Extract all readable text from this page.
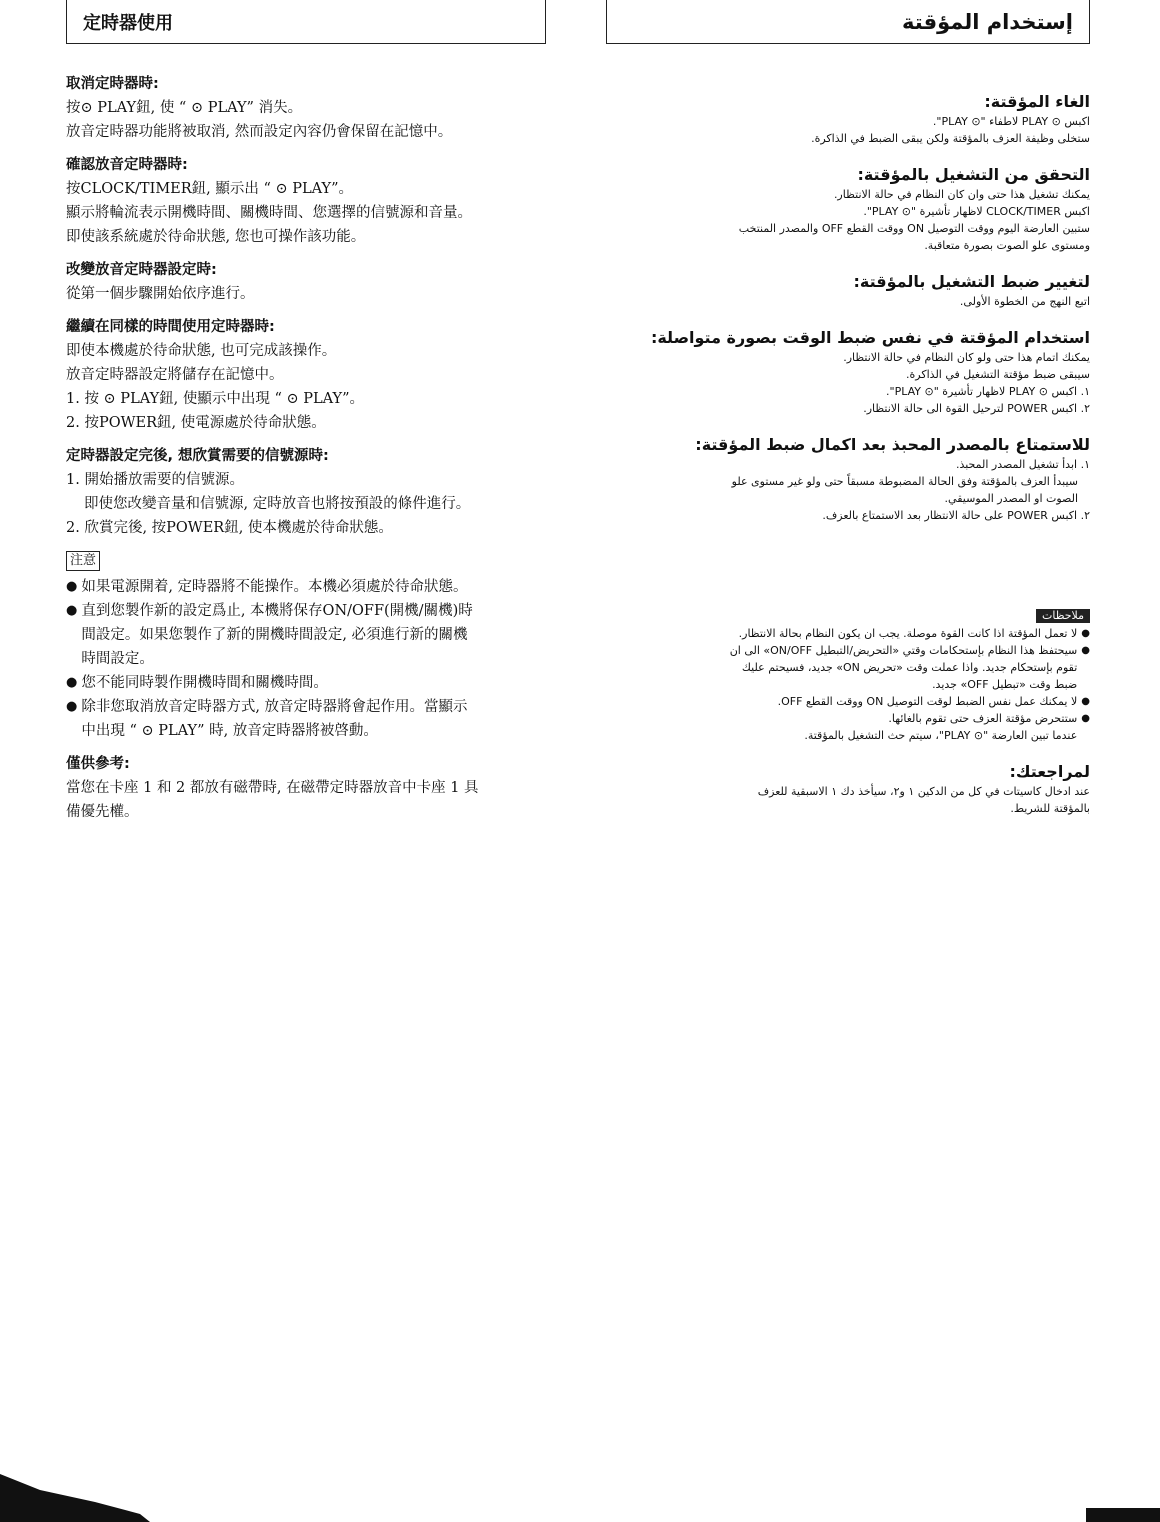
定時器使用

取消定時器時:

按⊙ PLAY鈕, 使 “ ⊙ PLAY” 消失。

放音定時器功能將被取消, 然而設定內容仍會保留在記憶中。

確認放音定時器時:

按CLOCK/TIMER鈕, 顯示出 “ ⊙ PLAY”。

顯示將輪流表示開機時間、關機時間、您選擇的信號源和音量。

即使該系統處於待命狀態, 您也可操作該功能。

改變放音定時器設定時:

從第一個步驟開始依序進行。

繼續在同樣的時間使用定時器時:

即使本機處於待命狀態, 也可完成該操作。

放音定時器設定將儲存在記憶中。

1. 按 ⊙ PLAY鈕, 使顯示中出現 “ ⊙ PLAY”。

2. 按POWER鈕, 使電源處於待命狀態。

定時器設定完後, 想欣賞需要的信號源時:

1. 開始播放需要的信號源。

即使您改變音量和信號源, 定時放音也將按預設的條件進行。

2. 欣賞完後, 按POWER鈕, 使本機處於待命狀態。

注意
● 如果電源開着, 定時器將不能操作。本機必須處於待命狀態。

● 直到您製作新的設定爲止, 本機將保存ON/OFF(開機/關機)時

間設定。如果您製作了新的開機時間設定, 必須進行新的關機

時間設定。

● 您不能同時製作開機時間和關機時間。

● 除非您取消放音定時器方式, 放音定時器將會起作用。當顯示

中出現 “ ⊙ PLAY” 時, 放音定時器將被啓動。

僅供參考:

當您在卡座 1 和 2 都放有磁帶時, 在磁帶定時器放音中卡座 1 具

備優先權。

إستخدام المؤقتة

الغاء المؤقتة:

اكبس ⊙ PLAY لاطفاء "⊙ PLAY".

ستخلى وظيفة العزف بالمؤقتة ولكن يبقى الضبط في الذاكرة.

التحقق من التشغيل بالمؤقتة:

يمكنك تشغيل هذا حتى وان كان النظام في حالة الانتظار.

اكبس CLOCK/TIMER لاظهار تأشيرة "⊙ PLAY".

ستبين العارضة اليوم ووقت التوصيل ON ووقت القطع OFF والمصدر المنتخب

ومستوى علو الصوت بصورة متعاقبة.

لتغيير ضبط التشغيل بالمؤقتة:

اتبع النهج من الخطوة الأولى.

استخدام المؤقتة في نفس ضبط الوقت بصورة متواصلة:

يمكنك اتمام هذا حتى ولو كان النظام في حالة الانتظار.

سيبقى ضبط مؤقتة التشغيل في الذاكرة.

١. اكبس ⊙ PLAY لاظهار تأشيرة "⊙ PLAY".

٢. اكبس POWER لترحيل القوة الى حالة الانتظار.

للاستمتاع بالمصدر المحبذ بعد اكمال ضبط المؤقتة:

١. ابدأ تشغيل المصدر المحبذ.

سيبدأ العزف بالمؤقتة وفق الحالة المضبوطة مسبقاً حتى ولو غير مستوى علو

الصوت او المصدر الموسيقي.

٢. اكبس POWER على حالة الانتظار بعد الاستمتاع بالعزف.

ملاحظات
●

لا تعمل المؤقتة اذا كانت القوة موصلة. يجب ان يكون النظام بحالة الانتظار.

●

سيحتفظ هذا النظام بإستحكامات وقتي «التحريض/التبطيل ON/OFF» الى ان

تقوم بإستحكام جديد. واذا عملت وقت «تحريض ON» جديد، فسيحتم عليك

ضبط وقت «تبطيل OFF» جديد.

●

لا يمكنك عمل نفس الضبط لوقت التوصيل ON ووقت القطع OFF.

●

ستتحرض مؤقتة العزف حتى تقوم بالغائها.

عندما تبين العارضة "⊙ PLAY"، سيتم حث التشغيل بالمؤقتة.

لمراجعتك:

عند ادخال كاسيتات في كل من الدكين ١ و٢، سيأخذ دك ١ الاسبقية للعزف

بالمؤقتة للشريط.
